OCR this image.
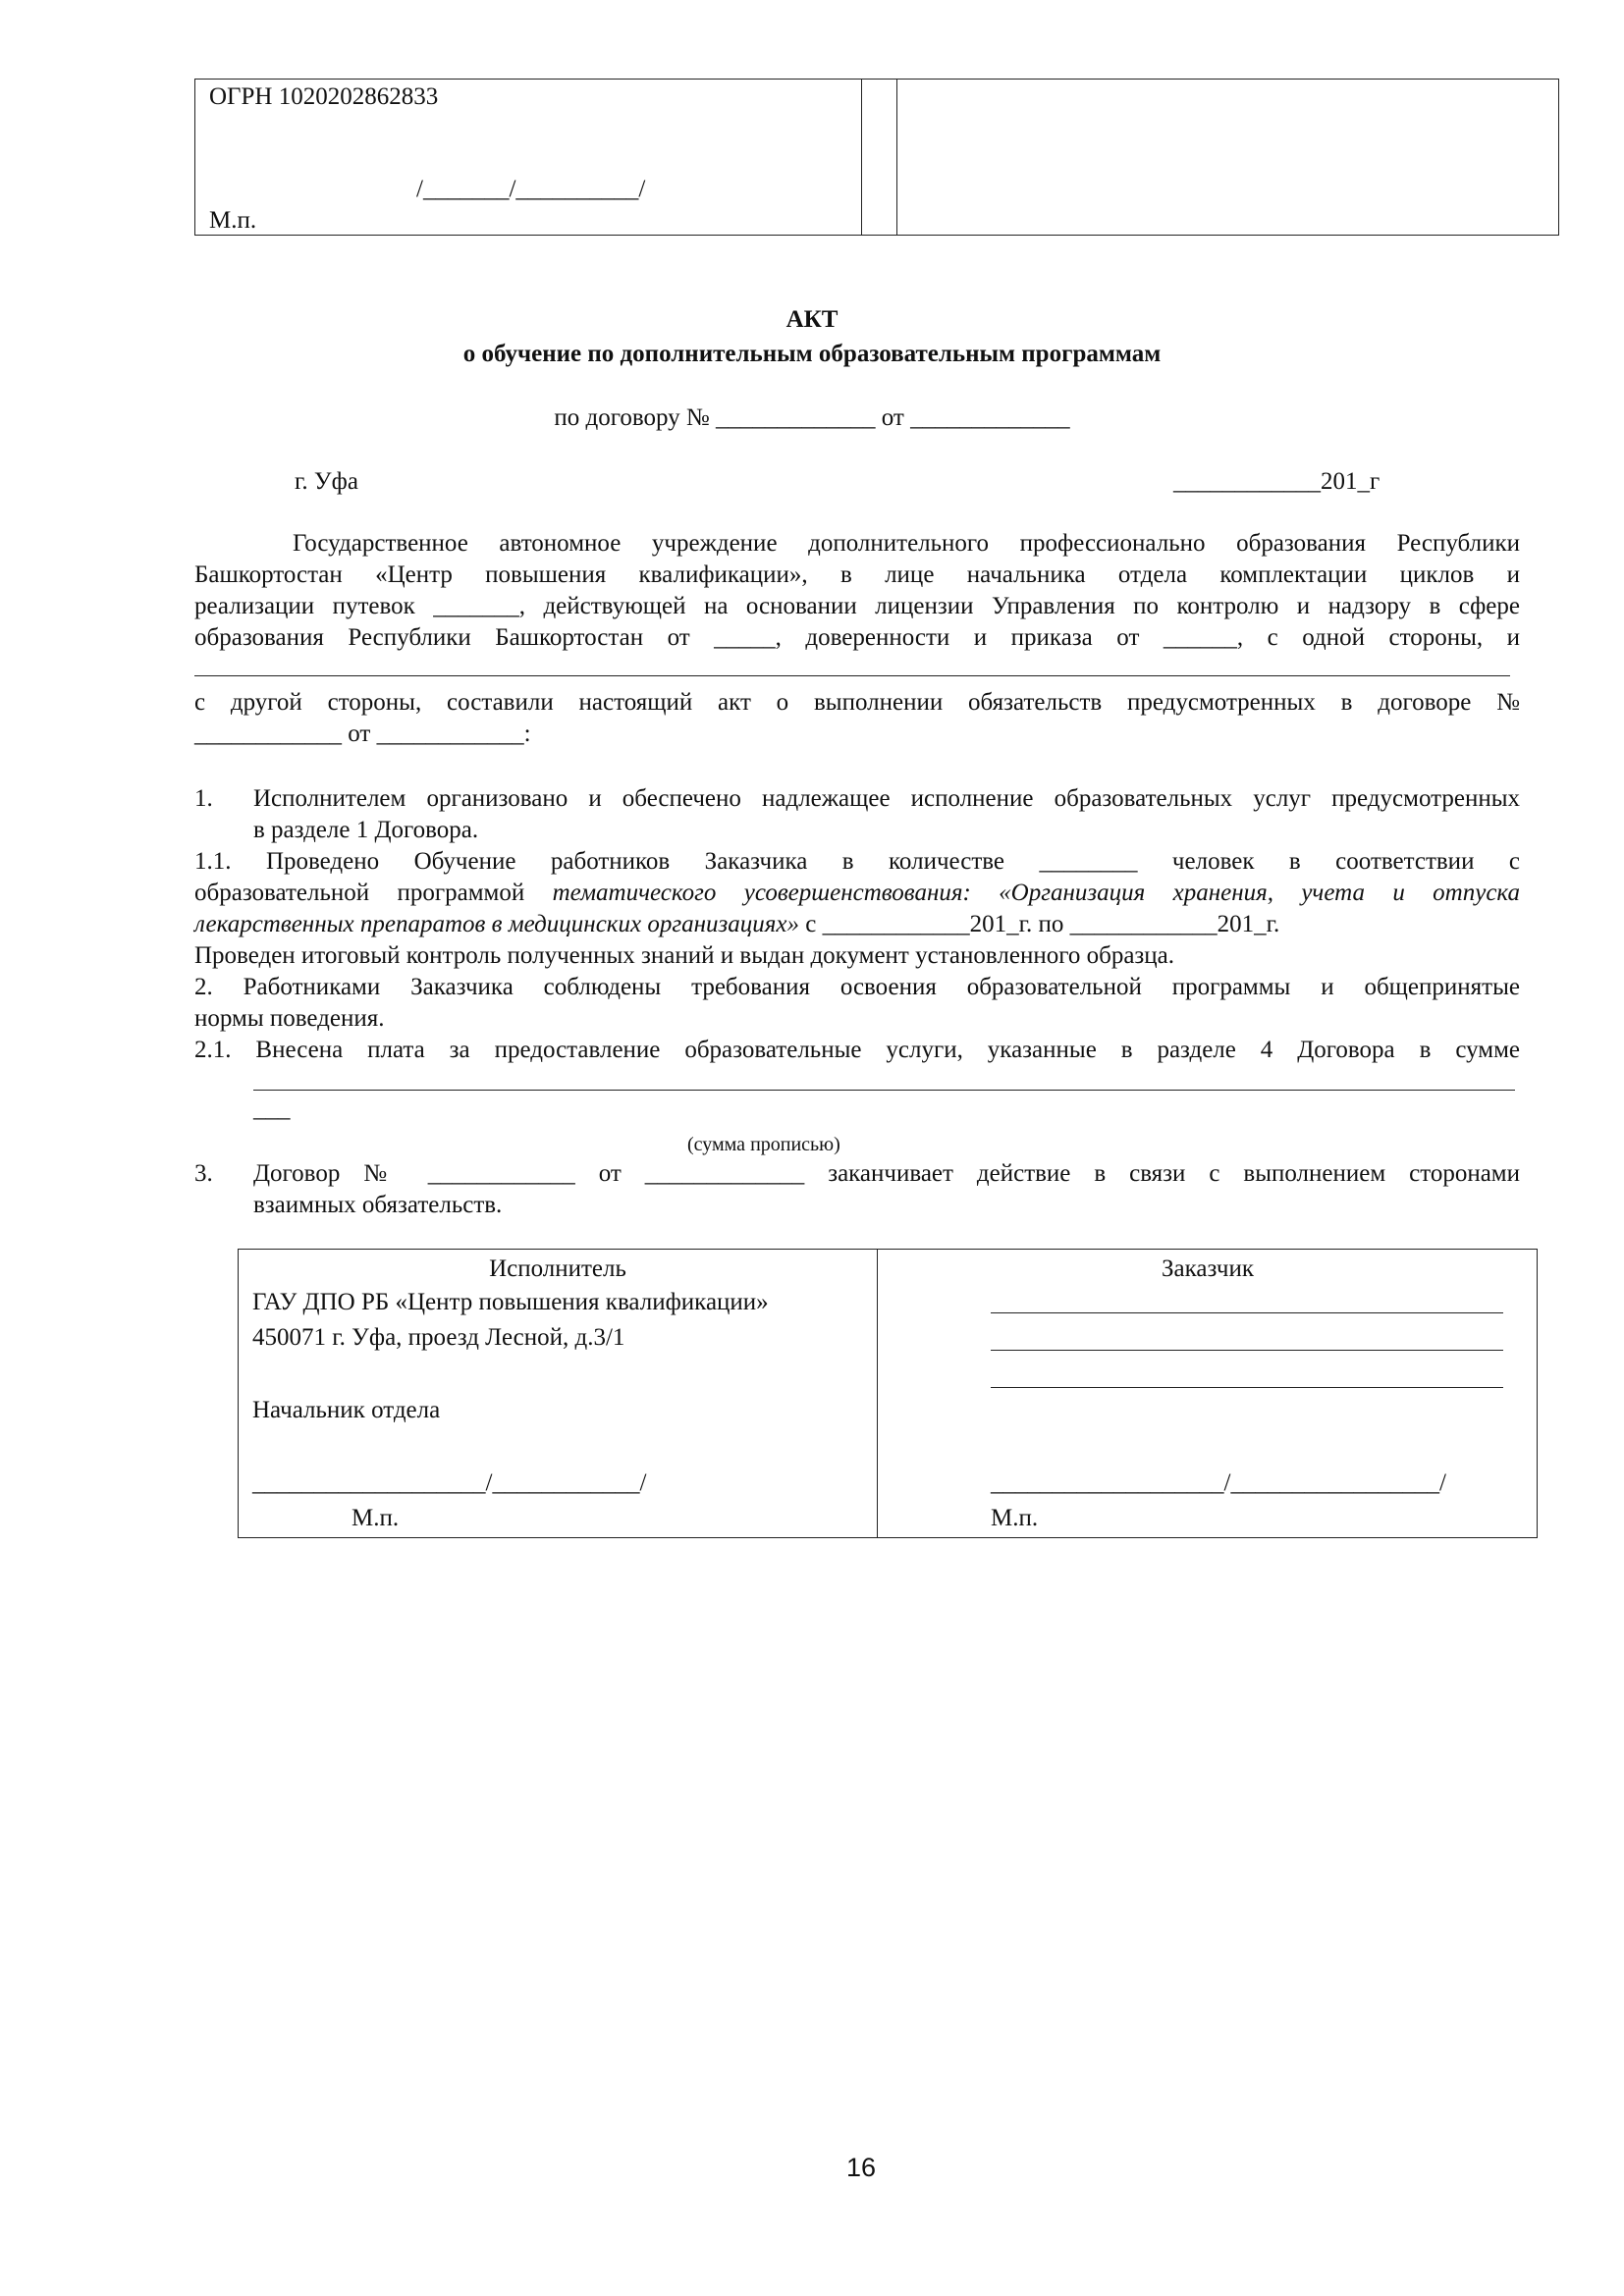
ОГРН 1020202862833
/_______/__________/
М.п.
АКТ
о обучение по дополнительным образовательным программам
по договору № _____________ от _____________
г. Уфа	____________201_г
Государственное автономное учреждение дополнительного профессионально образования Республики
Башкортостан «Центр повышения квалификации», в лице начальника отдела комплектации циклов и
реализации путевок _______, действующей на основании лицензии Управления по контролю и надзору в сфере
образования Республики Башкортостан от _____, доверенности и приказа от ______, с одной стороны, и
с другой стороны, составили настоящий акт о выполнении обязательств предусмотренных в договоре №
____________ от ____________:
1. Исполнителем организовано и обеспечено надлежащее исполнение образовательных услуг предусмотренных
в разделе 1 Договора.
1.1. Проведено Обучение работников Заказчика в количестве ________ человек в соответствии с
образовательной программой тематического усовершенствования: «Организация хранения, учета и отпуска
лекарственных препаратов в медицинских организациях» с ____________201_г. по ____________201_г.
Проведен итоговый контроль полученных знаний и выдан документ установленного образца.
2. Работниками Заказчика соблюдены требования освоения образовательной программы и общепринятые
нормы поведения.
2.1. Внесена плата за предоставление образовательные услуги, указанные в разделе 4 Договора в сумме
___
(сумма прописью)
3. Договор № ____________ от _____________ заканчивает действие в связи с выполнением сторонами
взаимных обязательств.
Исполнитель
ГАУ ДПО РБ «Центр повышения квалификации»
450071 г. Уфа, проезд Лесной, д.3/1
Начальник отдела
___________________/____________/
М.п.
Заказчик
___________________/_________________/
М.п.
16
